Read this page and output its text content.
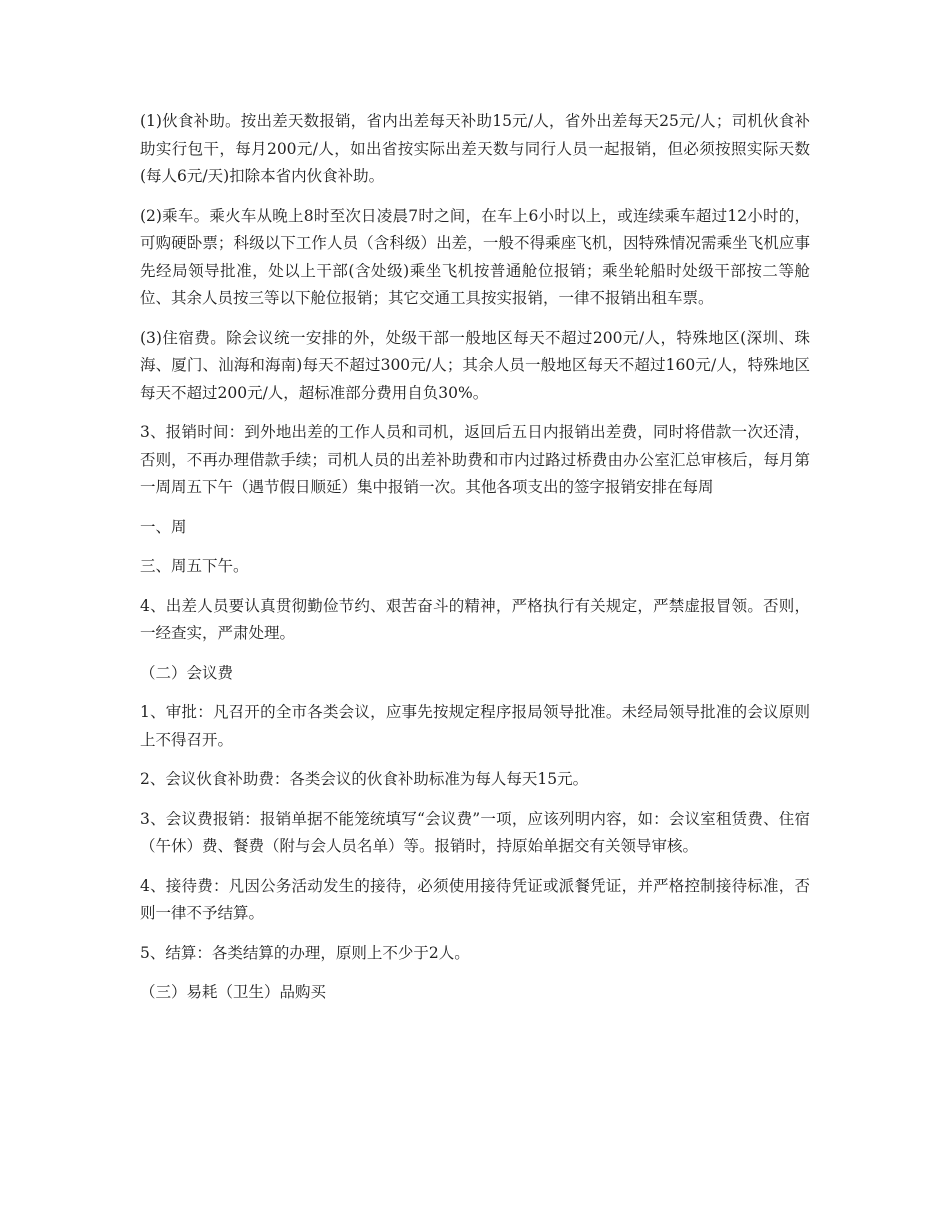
(1)伙食补助。按出差天数报销，省内出差每天补助15元/人，省外出差每天25元/人；司机伙食补助实行包干，每月200元/人，如出省按实际出差天数与同行人员一起报销，但必须按照实际天数(每人6元/天)扣除本省内伙食补助。

(2)乘车。乘火车从晚上8时至次日凌晨7时之间，在车上6小时以上，或连续乘车超过12小时的，可购硬卧票；科级以下工作人员（含科级）出差，一般不得乘座飞机，因特殊情况需乘坐飞机应事先经局领导批准，处以上干部(含处级)乘坐飞机按普通舱位报销；乘坐轮船时处级干部按二等舱位、其余人员按三等以下舱位报销；其它交通工具按实报销，一律不报销出租车票。

(3)住宿费。除会议统一安排的外，处级干部一般地区每天不超过200元/人，特殊地区(深圳、珠海、厦门、汕海和海南)每天不超过300元/人；其余人员一般地区每天不超过160元/人，特殊地区每天不超过200元/人，超标准部分费用自负30%。

3、报销时间：到外地出差的工作人员和司机，返回后五日内报销出差费，同时将借款一次还清，否则，不再办理借款手续；司机人员的出差补助费和市内过路过桥费由办公室汇总审核后，每月第一周周五下午（遇节假日顺延）集中报销一次。其他各项支出的签字报销安排在每周

一、周

三、周五下午。

4、出差人员要认真贯彻勤俭节约、艰苦奋斗的精神，严格执行有关规定，严禁虚报冒领。否则，一经查实，严肃处理。

（二）会议费

1、审批：凡召开的全市各类会议，应事先按规定程序报局领导批准。未经局领导批准的会议原则上不得召开。

2、会议伙食补助费：各类会议的伙食补助标准为每人每天15元。

3、会议费报销：报销单据不能笼统填写“会议费”一项，应该列明内容，如：会议室租赁费、住宿（午休）费、餐费（附与会人员名单）等。报销时，持原始单据交有关领导审核。

4、接待费：凡因公务活动发生的接待，必须使用接待凭证或派餐凭证，并严格控制接待标准，否则一律不予结算。

5、结算：各类结算的办理，原则上不少于2人。

（三）易耗（卫生）品购买
